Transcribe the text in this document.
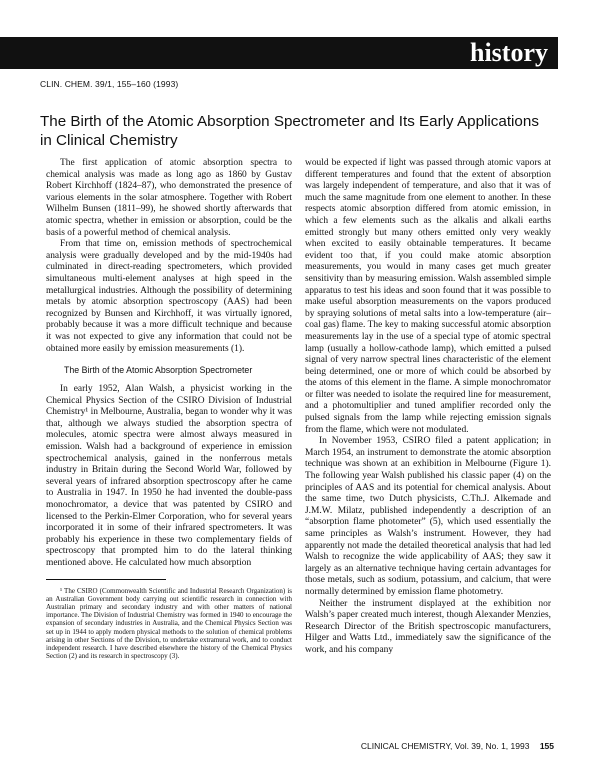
history
CLIN. CHEM. 39/1, 155–160 (1993)
The Birth of the Atomic Absorption Spectrometer and Its Early Applications in Clinical Chemistry

The first application of atomic absorption spectra to chemical analysis was made as long ago as 1860 by Gustav Robert Kirchhoff (1824–87), who demonstrated the presence of various elements in the solar atmosphere. Together with Robert Wilhelm Bunsen (1811–99), he showed shortly afterwards that atomic spectra, whether in emission or absorption, could be the basis of a powerful method of chemical analysis.

From that time on, emission methods of spectrochemical analysis were gradually developed and by the mid-1940s had culminated in direct-reading spectrometers, which provided simultaneous multi-element analyses at high speed in the metallurgical industries. Although the possibility of determining metals by atomic absorption spectroscopy (AAS) had been recognized by Bunsen and Kirchhoff, it was virtually ignored, probably because it was a more difficult technique and because it was not expected to give any information that could not be obtained more easily by emission measurements (1).

The Birth of the Atomic Absorption Spectrometer

In early 1952, Alan Walsh, a physicist working in the Chemical Physics Section of the CSIRO Division of Industrial Chemistry¹ in Melbourne, Australia, began to wonder why it was that, although we always studied the absorption spectra of molecules, atomic spectra were almost always measured in emission. Walsh had a background of experience in emission spectrochemical analysis, gained in the nonferrous metals industry in Britain during the Second World War, followed by several years of infrared absorption spectroscopy after he came to Australia in 1947. In 1950 he had invented the double-pass monochromator, a device that was patented by CSIRO and licensed to the Perkin-Elmer Corporation, who for several years incorporated it in some of their infrared spectrometers. It was probably his experience in these two complementary fields of spectroscopy that prompted him to do the lateral thinking mentioned above. He calculated how much absorption

¹ The CSIRO (Commonwealth Scientific and Industrial Research Organization) is an Australian Government body carrying out scientific research in connection with Australian primary and secondary industry and with other matters of national importance. The Division of Industrial Chemistry was formed in 1940 to encourage the expansion of secondary industries in Australia, and the Chemical Physics Section was set up in 1944 to apply modern physical methods to the solution of chemical problems arising in other Sections of the Division, to undertake extramural work, and to conduct independent research. I have described elsewhere the history of the Chemical Physics Section (2) and its research in spectroscopy (3).

would be expected if light was passed through atomic vapors at different temperatures and found that the extent of absorption was largely independent of temperature, and also that it was of much the same magnitude from one element to another. In these respects atomic absorption differed from atomic emission, in which a few elements such as the alkalis and alkali earths emitted strongly but many others emitted only very weakly when excited to easily obtainable temperatures. It became evident too that, if you could make atomic absorption measurements, you would in many cases get much greater sensitivity than by measuring emission. Walsh assembled simple apparatus to test his ideas and soon found that it was possible to make useful absorption measurements on the vapors produced by spraying solutions of metal salts into a low-temperature (air–coal gas) flame. The key to making successful atomic absorption measurements lay in the use of a special type of atomic spectral lamp (usually a hollow-cathode lamp), which emitted a pulsed signal of very narrow spectral lines characteristic of the element being determined, one or more of which could be absorbed by the atoms of this element in the flame. A simple monochromator or filter was needed to isolate the required line for measurement, and a photomultiplier and tuned amplifier recorded only the pulsed signals from the lamp while rejecting emission signals from the flame, which were not modulated.

In November 1953, CSIRO filed a patent application; in March 1954, an instrument to demonstrate the atomic absorption technique was shown at an exhibition in Melbourne (Figure 1). The following year Walsh published his classic paper (4) on the principles of AAS and its potential for chemical analysis. About the same time, two Dutch physicists, C.Th.J. Alkemade and J.M.W. Milatz, published independently a description of an “absorption flame photometer” (5), which used essentially the same principles as Walsh’s instrument. However, they had apparently not made the detailed theoretical analysis that had led Walsh to recognize the wide applicability of AAS; they saw it largely as an alternative technique having certain advantages for those metals, such as sodium, potassium, and calcium, that were normally determined by emission flame photometry.

Neither the instrument displayed at the exhibition nor Walsh’s paper created much interest, though Alexander Menzies, Research Director of the British spectroscopic manufacturers, Hilger and Watts Ltd., immediately saw the significance of the work, and his company

CLINICAL CHEMISTRY, Vol. 39, No. 1, 1993 155
